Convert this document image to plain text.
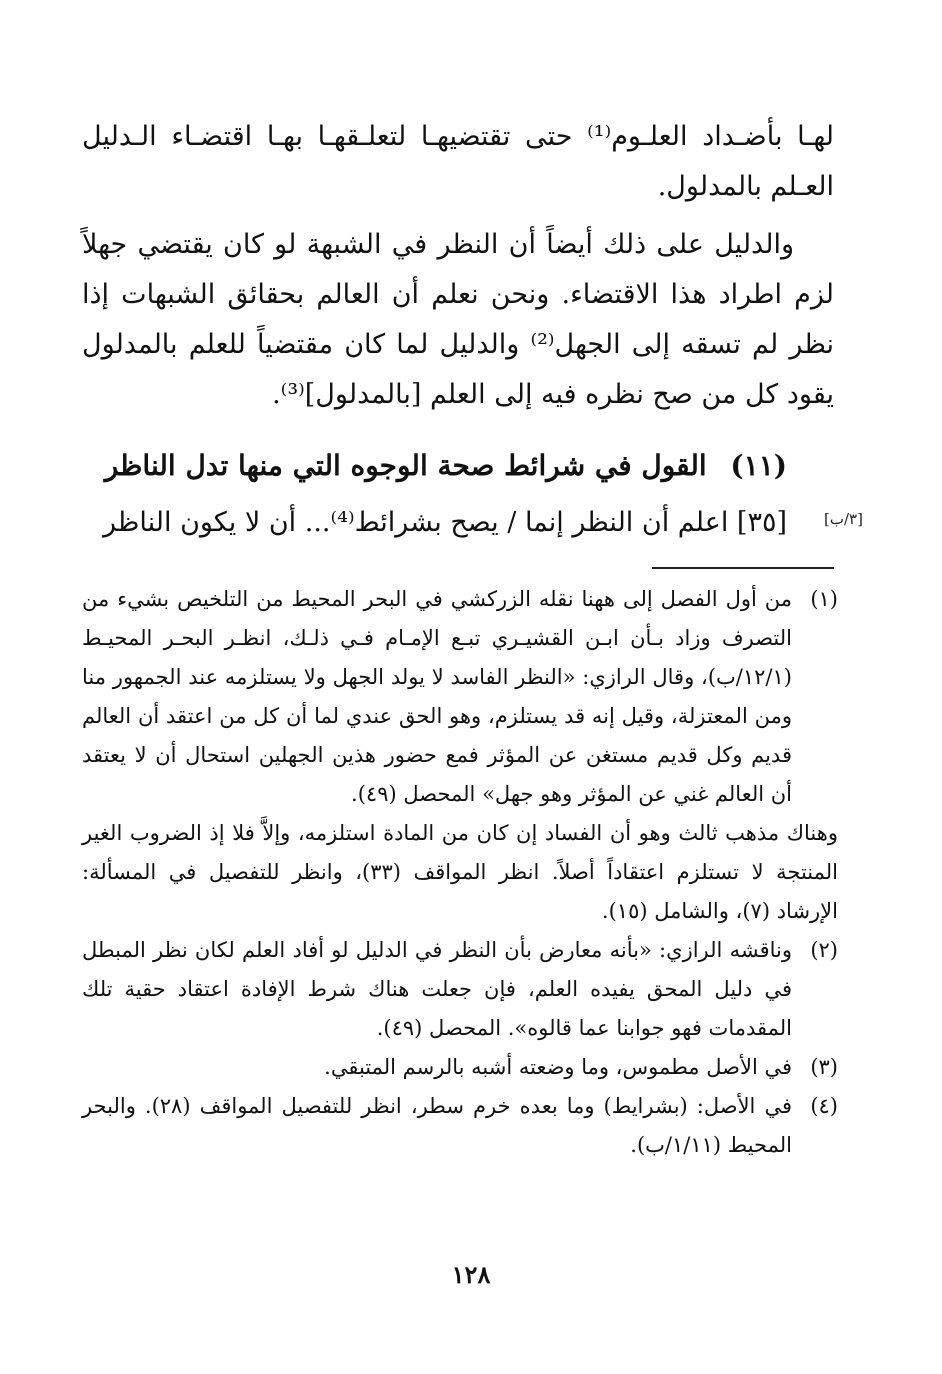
لهـا بأضـداد العلـوم⁽¹⁾ حتى تقتضيهـا لتعلـقهـا بهـا اقتضـاء الـدليل العـلم بالمدلول.

والدليل على ذلك أيضاً أن النظر في الشبهة لو كان يقتضي جهلاً لزم اطراد هذا الاقتضاء. ونحن نعلم أن العالم بحقائق الشبهات إذا نظر لم تسقه إلى الجهل⁽²⁾ والدليل لما كان مقتضياً للعلم بالمدلول يقود كل من صح نظره فيه إلى العلم [بالمدلول]⁽³⁾.

(١١) القول في شرائط صحة الوجوه التي منها تدل الناظر
[٣٥] اعلم أن النظر إنما / يصح بشرائط⁽⁴⁾... أن لا يكون الناظر [٣/ب]
(١)

من أول الفصل إلى ههنا نقله الزركشي في البحر المحيط من التلخيص بشيء من التصرف وزاد بـأن ابـن القشيـري تبـع الإمـام فـي ذلـك، انظـر البحـر المحيـط (١٢/١/ب)، وقال الرازي: «النظر الفاسد لا يولد الجهل ولا يستلزمه عند الجمهور منا ومن المعتزلة، وقيل إنه قد يستلزم، وهو الحق عندي لما أن كل من اعتقد أن العالم قديم وكل قديم مستغن عن المؤثر فمع حضور هذين الجهلين استحال أن لا يعتقد أن العالم غني عن المؤثر وهو جهل» المحصل (٤٩).

وهناك مذهب ثالث وهو أن الفساد إن كان من المادة استلزمه، وإلاَّ فلا إذ الضروب الغير المنتجة لا تستلزم اعتقاداً أصلاً. انظر المواقف (٣٣)، وانظر للتفصيل في المسألة: الإرشاد (٧)، والشامل (١٥).

(٢)

وناقشه الرازي: «بأنه معارض بأن النظر في الدليل لو أفاد العلم لكان نظر المبطل في دليل المحق يفيده العلم، فإن جعلت هناك شرط الإفادة اعتقاد حقية تلك المقدمات فهو جوابنا عما قالوه». المحصل (٤٩).

(٣)

في الأصل مطموس، وما وضعته أشبه بالرسم المتبقي.

(٤)

في الأصل: (بشرايط) وما بعده خرم سطر، انظر للتفصيل المواقف (٢٨). والبحر المحيط (١/١١/ب).

١٢٨
